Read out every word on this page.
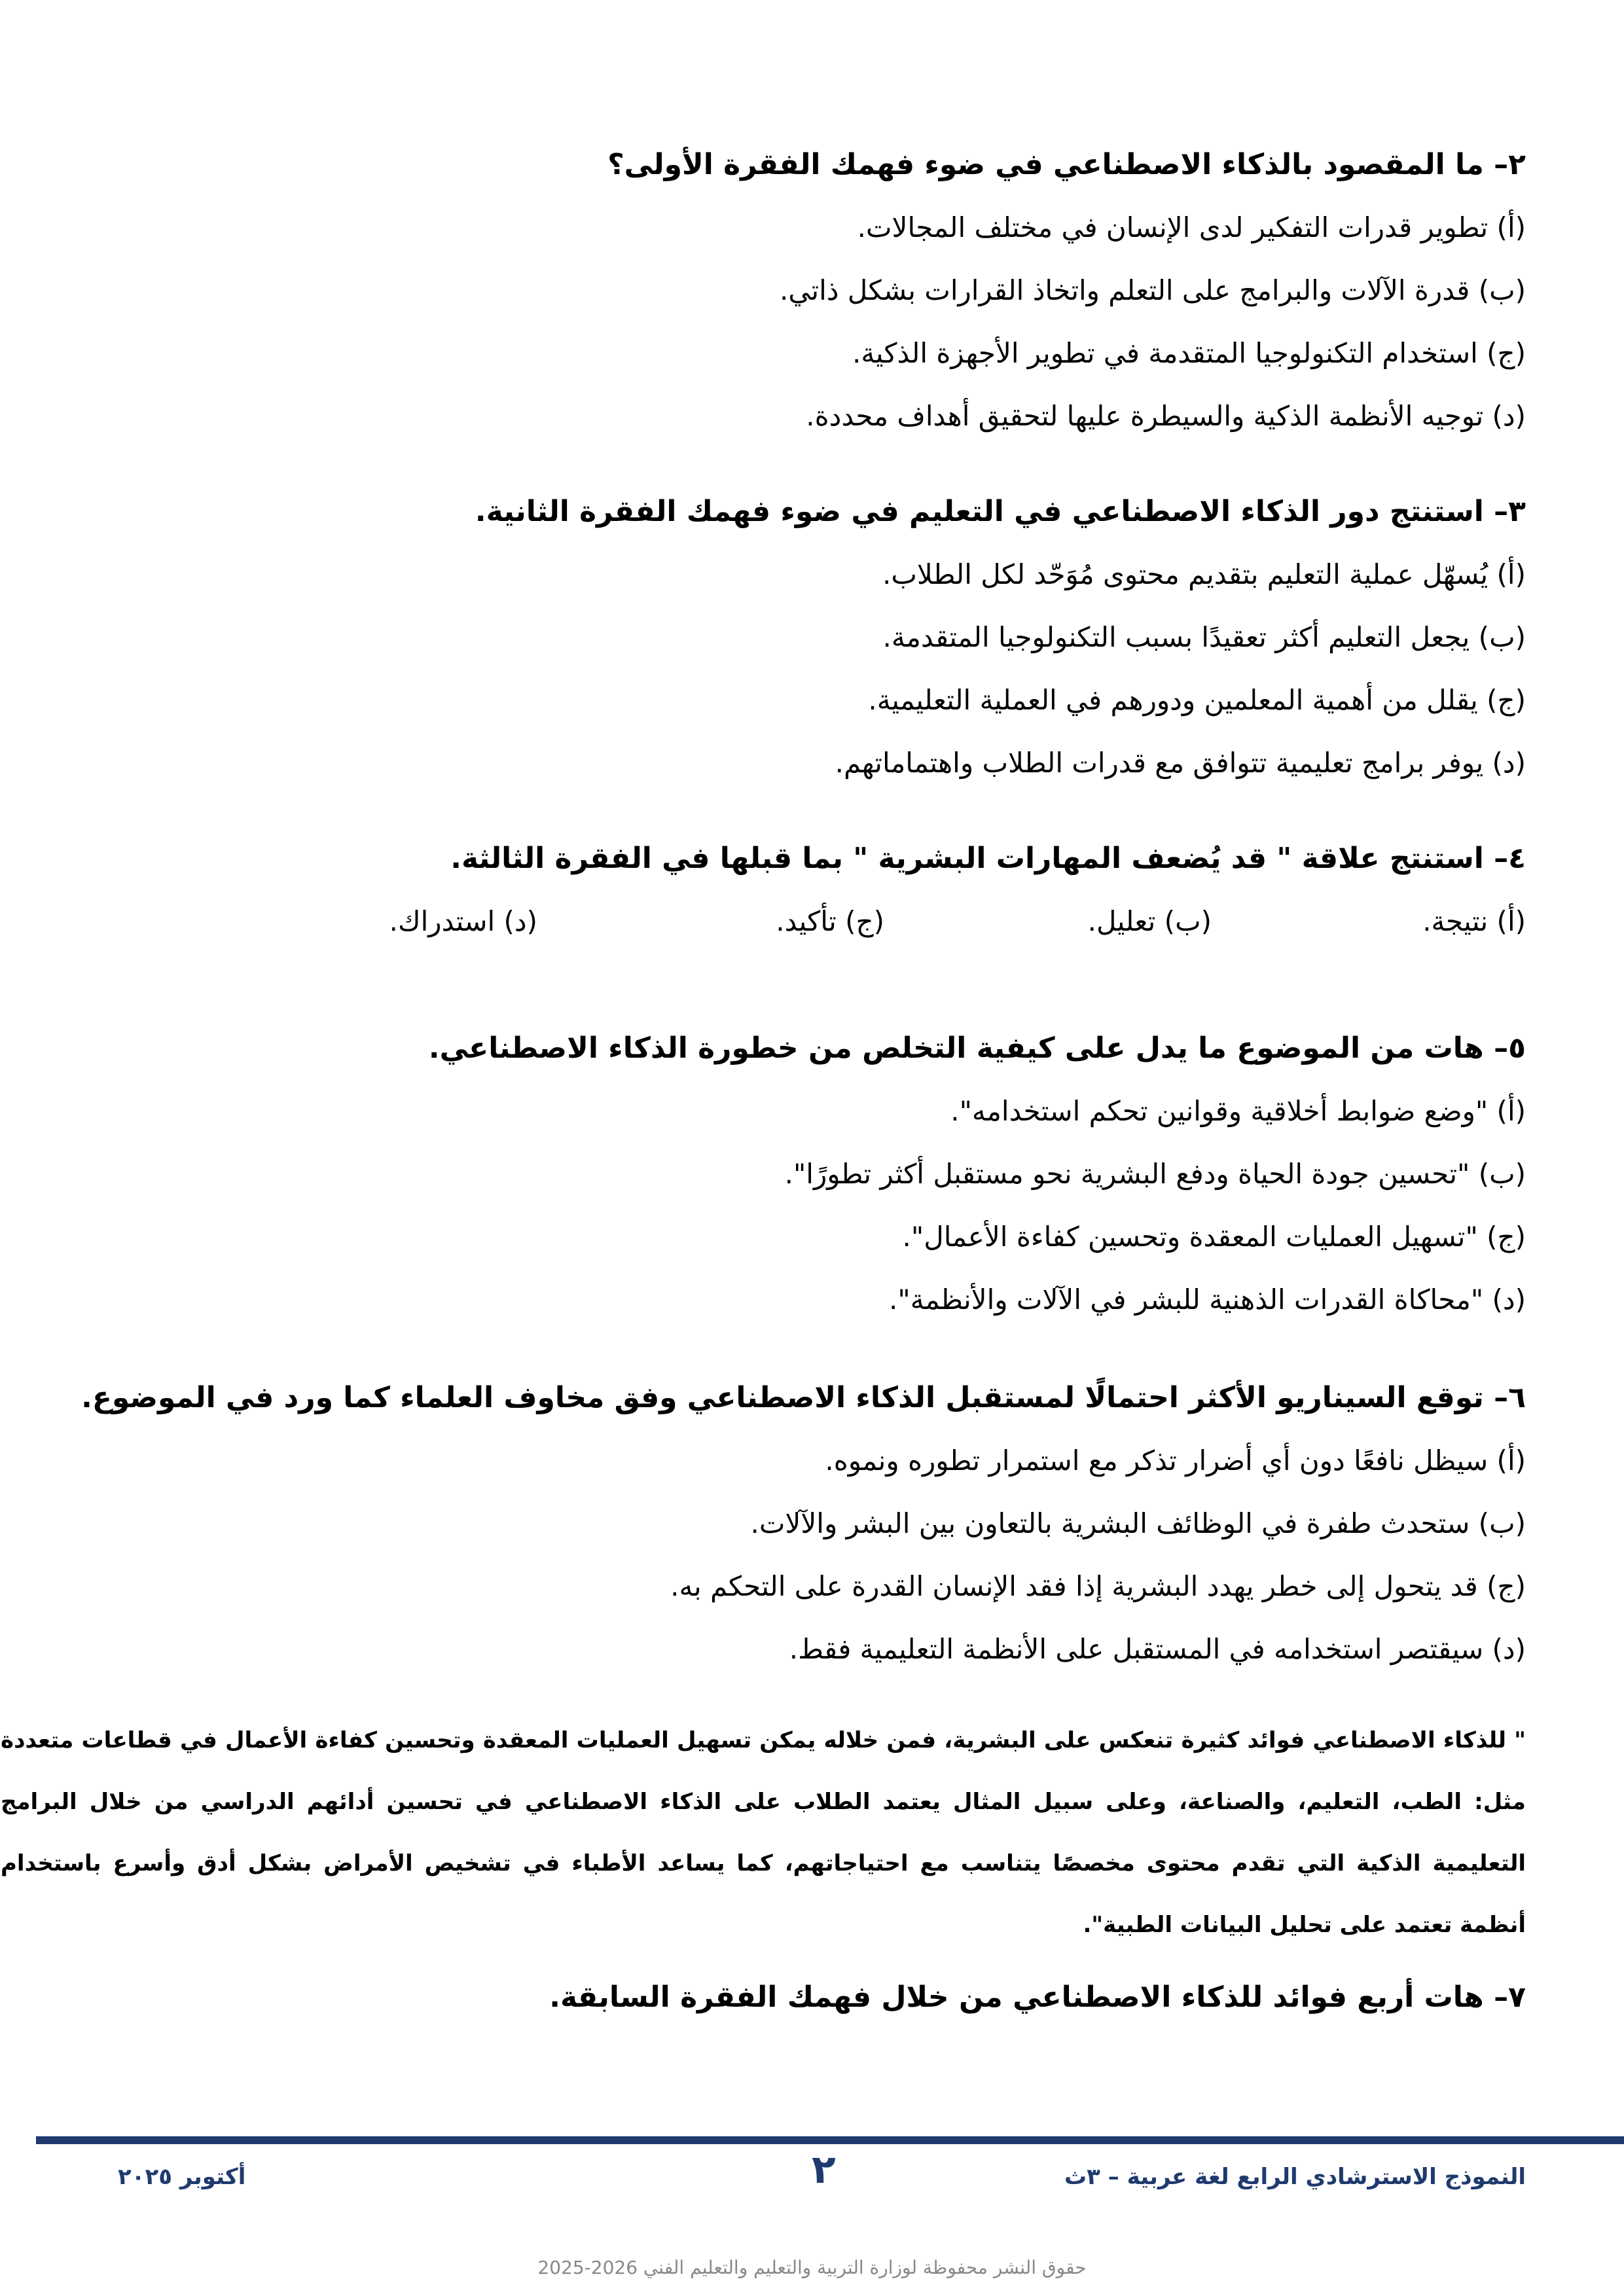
٢– ما المقصود بالذكاء الاصطناعي في ضوء فهمك الفقرة الأولى؟
(أ) تطوير قدرات التفكير لدى الإنسان في مختلف المجالات.
(ب) قدرة الآلات والبرامج على التعلم واتخاذ القرارات بشكل ذاتي.
(ج) استخدام التكنولوجيا المتقدمة في تطوير الأجهزة الذكية.
(د) توجيه الأنظمة الذكية والسيطرة عليها لتحقيق أهداف محددة.
٣– استنتج دور الذكاء الاصطناعي في التعليم في ضوء فهمك الفقرة الثانية.
(أ) يُسهّل عملية التعليم بتقديم محتوى مُوَحّد لكل الطلاب.
(ب) يجعل التعليم أكثر تعقيدًا بسبب التكنولوجيا المتقدمة.
(ج) يقلل من أهمية المعلمين ودورهم في العملية التعليمية.
(د) يوفر برامج تعليمية تتوافق مع قدرات الطلاب واهتماماتهم.
٤– استنتج علاقة " قد يُضعف المهارات البشرية " بما قبلها في الفقرة الثالثة.
(أ) نتيجة.
(ب) تعليل.
(ج) تأكيد.
(د) استدراك.
٥– هات من الموضوع ما يدل على كيفية التخلص من خطورة الذكاء الاصطناعي.
(أ) "وضع ضوابط أخلاقية وقوانين تحكم استخدامه".
(ب) "تحسين جودة الحياة ودفع البشرية نحو مستقبل أكثر تطورًا".
(ج) "تسهيل العمليات المعقدة وتحسين كفاءة الأعمال".
(د) "محاكاة القدرات الذهنية للبشر في الآلات والأنظمة".
٦– توقع السيناريو الأكثر احتمالًا لمستقبل الذكاء الاصطناعي وفق مخاوف العلماء كما ورد في الموضوع.
(أ) سيظل نافعًا دون أي أضرار تذكر مع استمرار تطوره ونموه.
(ب) ستحدث طفرة في الوظائف البشرية بالتعاون بين البشر والآلات.
(ج) قد يتحول إلى خطر يهدد البشرية إذا فقد الإنسان القدرة على التحكم به.
(د) سيقتصر استخدامه في المستقبل على الأنظمة التعليمية فقط.
" للذكاء الاصطناعي فوائد كثيرة تنعكس على البشرية، فمن خلاله يمكن تسهيل العمليات المعقدة وتحسين كفاءة الأعمال في قطاعات متعددة مثل: الطب، التعليم، والصناعة، وعلى سبيل المثال يعتمد الطلاب على الذكاء الاصطناعي في تحسين أدائهم الدراسي من خلال البرامج التعليمية الذكية التي تقدم محتوى مخصصًا يتناسب مع احتياجاتهم، كما يساعد الأطباء في تشخيص الأمراض بشكل أدق وأسرع باستخدام أنظمة تعتمد على تحليل البيانات الطبية".
٧– هات أربع فوائد للذكاء الاصطناعي من خلال فهمك الفقرة السابقة.
النموذج الاسترشادي الرابع لغة عربية – ٣ث
٢
أكتوبر ٢٠٢٥
حقوق النشر محفوظة لوزارة التربية والتعليم والتعليم الفني 2026-2025
